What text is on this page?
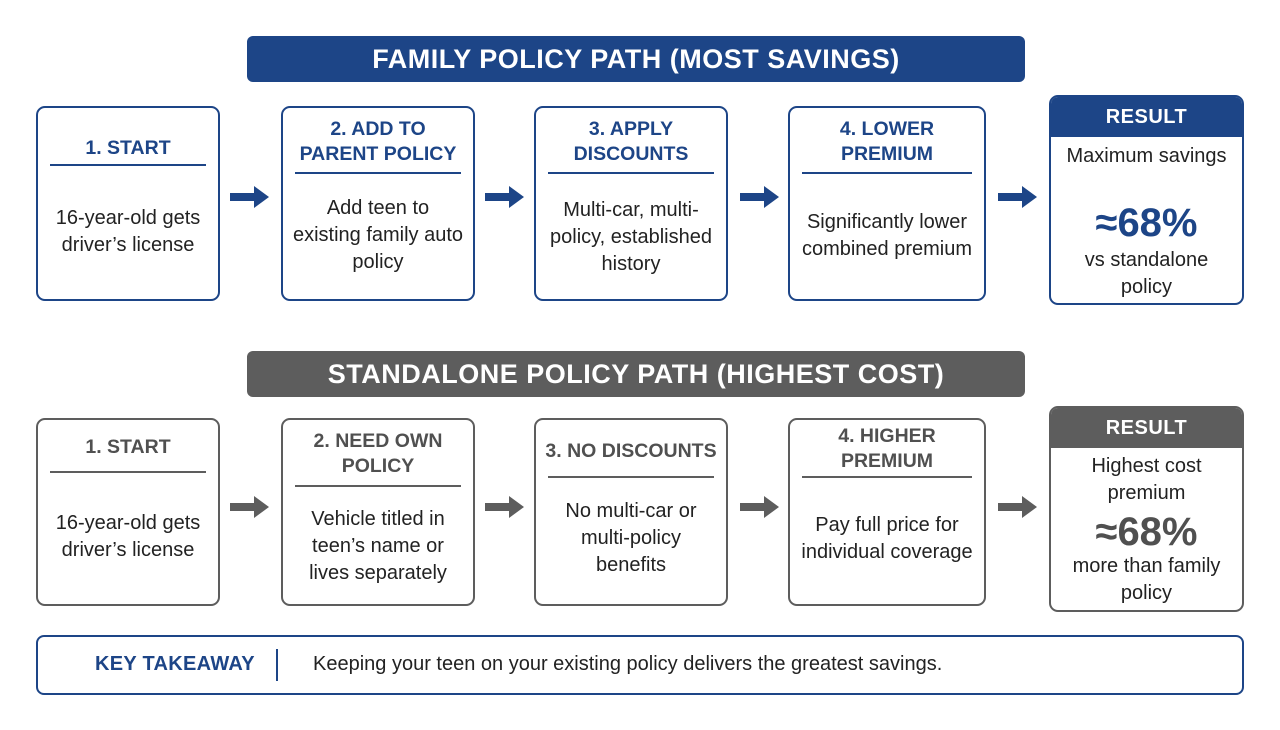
FAMILY POLICY PATH (MOST SAVINGS)
1. START
16-year-old gets driver’s license
2. ADD TO PARENT POLICY
Add teen to existing family auto policy
3. APPLY DISCOUNTS
Multi-car, multi-policy, established history
4. LOWER PREMIUM
Significantly lower combined premium
RESULT
Maximum savings
≈68%
vs standalone policy
STANDALONE POLICY PATH (HIGHEST COST)
1. START
16-year-old gets driver’s license
2. NEED OWN POLICY
Vehicle titled in teen’s name or lives separately
3. NO DISCOUNTS
No multi-car or multi-policy benefits
4. HIGHER PREMIUM
Pay full price for individual coverage
RESULT
Highest cost premium
≈68%
more than family policy
KEY TAKEAWAY	Keeping your teen on your existing policy delivers the greatest savings.
